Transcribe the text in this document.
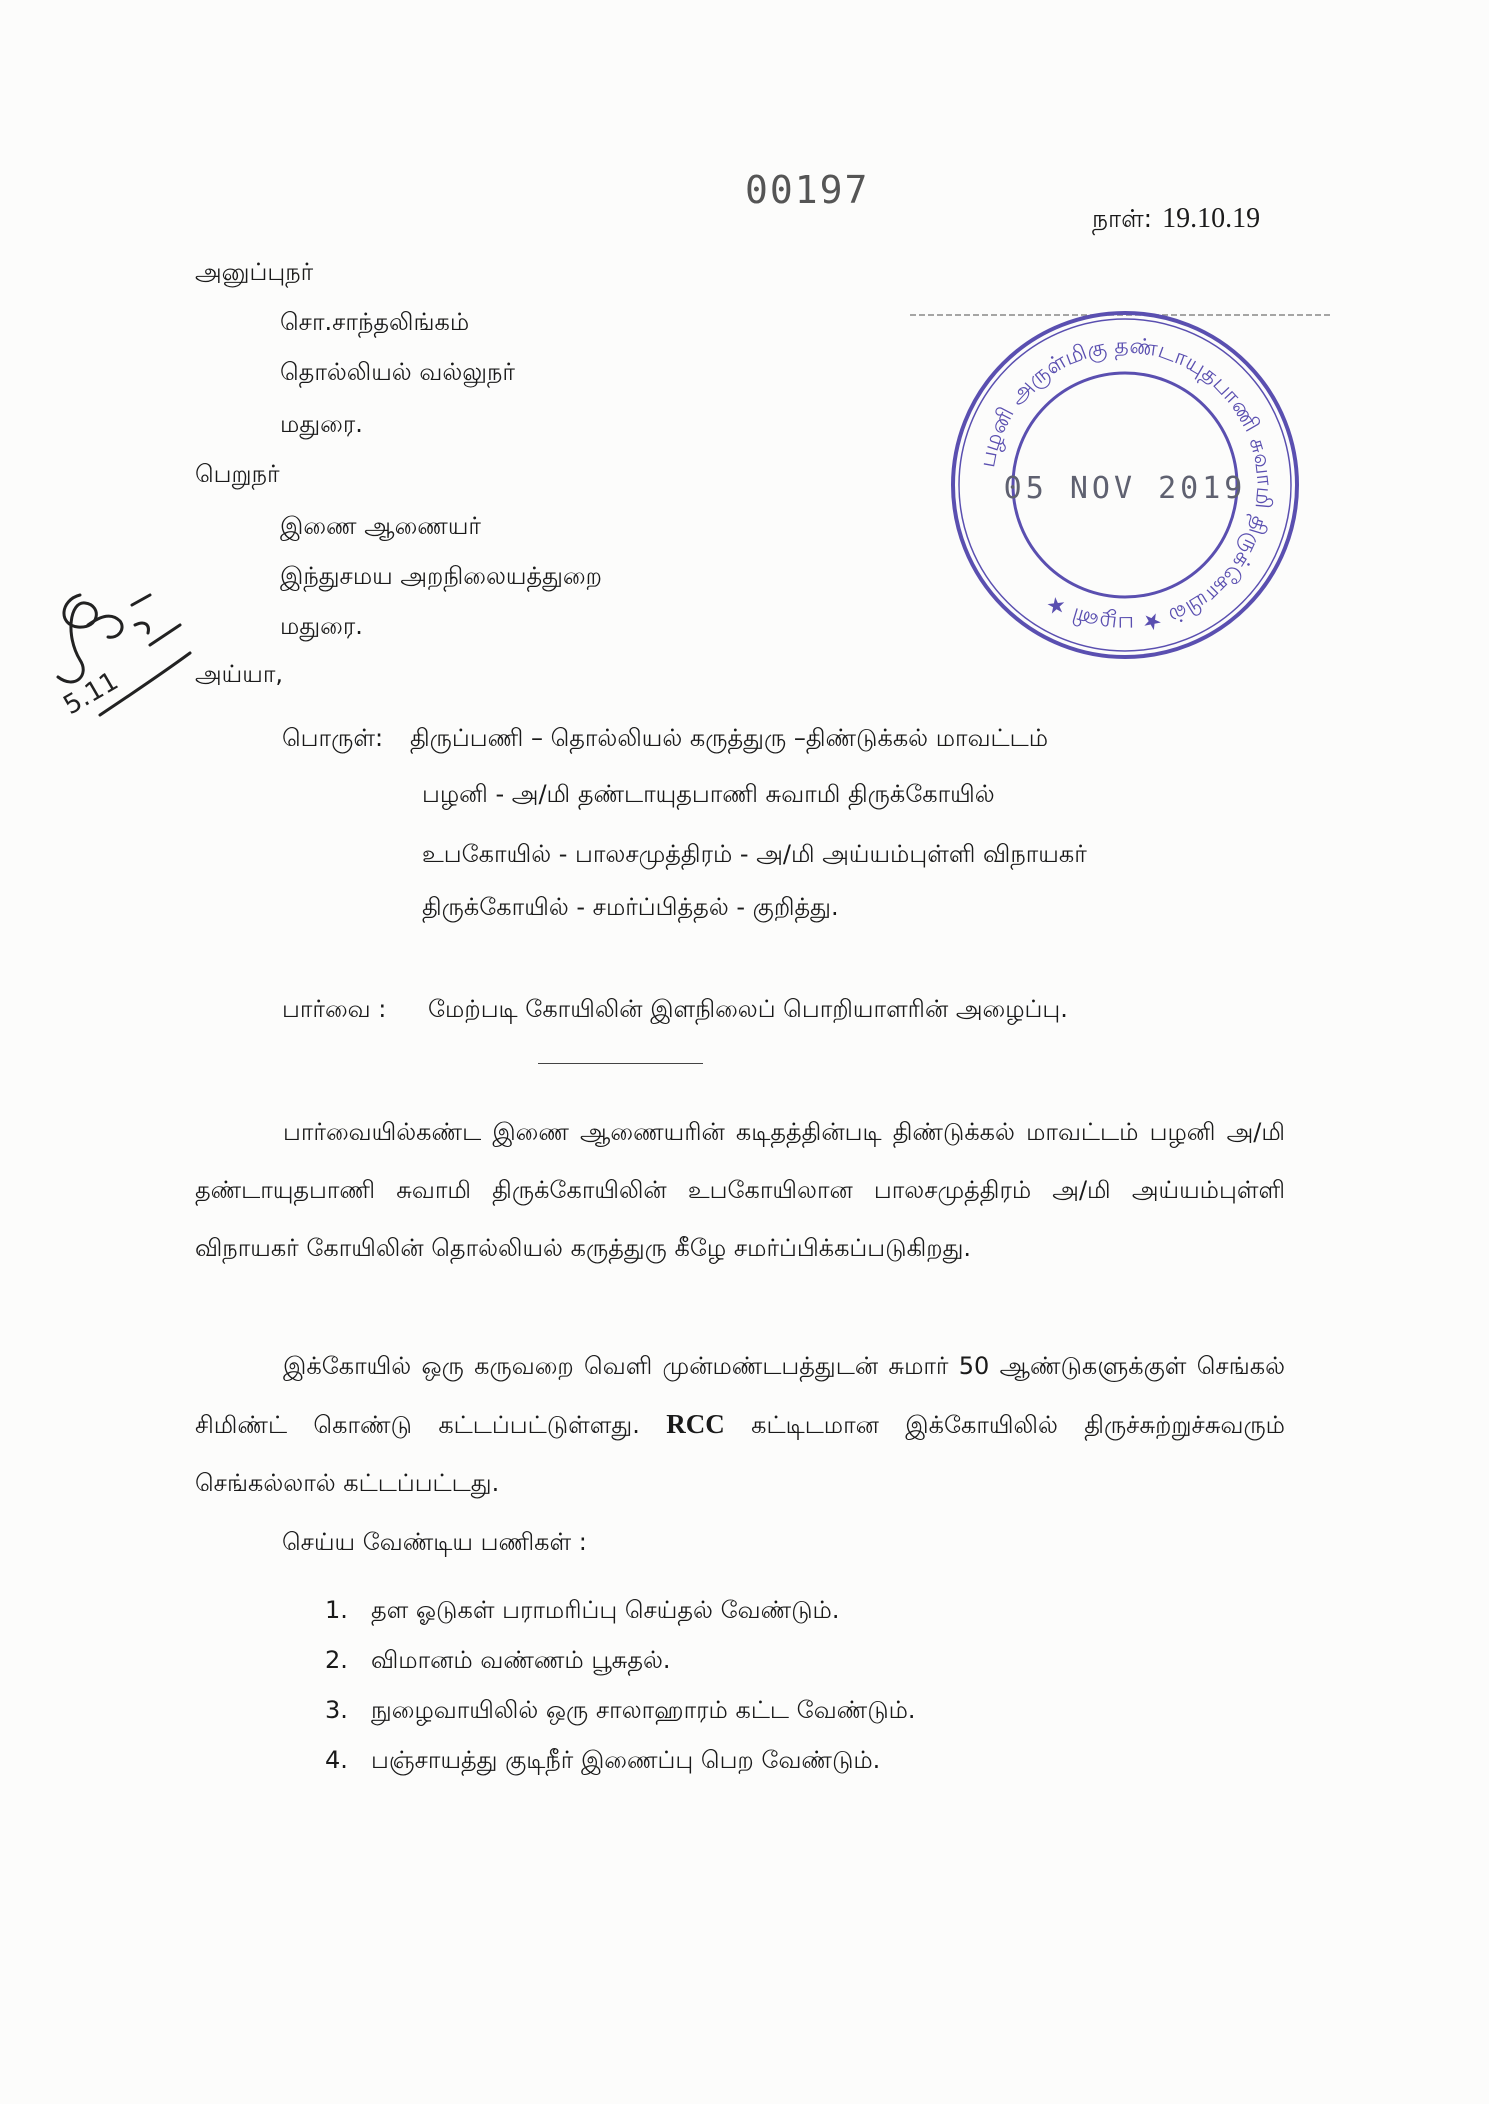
00197
நாள்: 19.10.19
அனுப்புநர்
சொ.சாந்தலிங்கம்
தொல்லியல் வல்லுநர்
மதுரை.
பெறுநர்
இணை ஆணையர்
இந்துசமய அறநிலையத்துறை
மதுரை.
அய்யா,
பொருள்: திருப்பணி – தொல்லியல் கருத்துரு –திண்டுக்கல் மாவட்டம்
பழனி - அ/மி தண்டாயுதபாணி சுவாமி திருக்கோயில்
உபகோயில் - பாலசமுத்திரம் - அ/மி அய்யம்புள்ளி விநாயகர்
திருக்கோயில் - சமர்ப்பித்தல் - குறித்து.
பார்வை : மேற்படி கோயிலின் இளநிலைப் பொறியாளரின் அழைப்பு.
பார்வையில்கண்ட இணை ஆணையரின் கடிதத்தின்படி திண்டுக்கல் மாவட்டம் பழனி அ/மி தண்டாயுதபாணி சுவாமி திருக்கோயிலின் உபகோயிலான பாலசமுத்திரம் அ/மி அய்யம்புள்ளி விநாயகர் கோயிலின் தொல்லியல் கருத்துரு கீழே சமர்ப்பிக்கப்படுகிறது.
இக்கோயில் ஒரு கருவறை வெளி முன்மண்டபத்துடன் சுமார் 50 ஆண்டுகளுக்குள் செங்கல் சிமிண்ட் கொண்டு கட்டப்பட்டுள்ளது. RCC கட்டிடமான இக்கோயிலில் திருச்சுற்றுச்சுவரும் செங்கல்லால் கட்டப்பட்டது.
செய்ய வேண்டிய பணிகள் :
1. தள ஓடுகள் பராமரிப்பு செய்தல் வேண்டும்.
2. விமானம் வண்ணம் பூசுதல்.
3. நுழைவாயிலில் ஒரு சாலாஹாரம் கட்ட வேண்டும்.
4. பஞ்சாயத்து குடிநீர் இணைப்பு பெற வேண்டும்.
பழனி அருள்மிகு தண்டாயுதபாணி சுவாமி திருக்கோயில் ★ பழனி ★
05 NOV 2019
5.11
